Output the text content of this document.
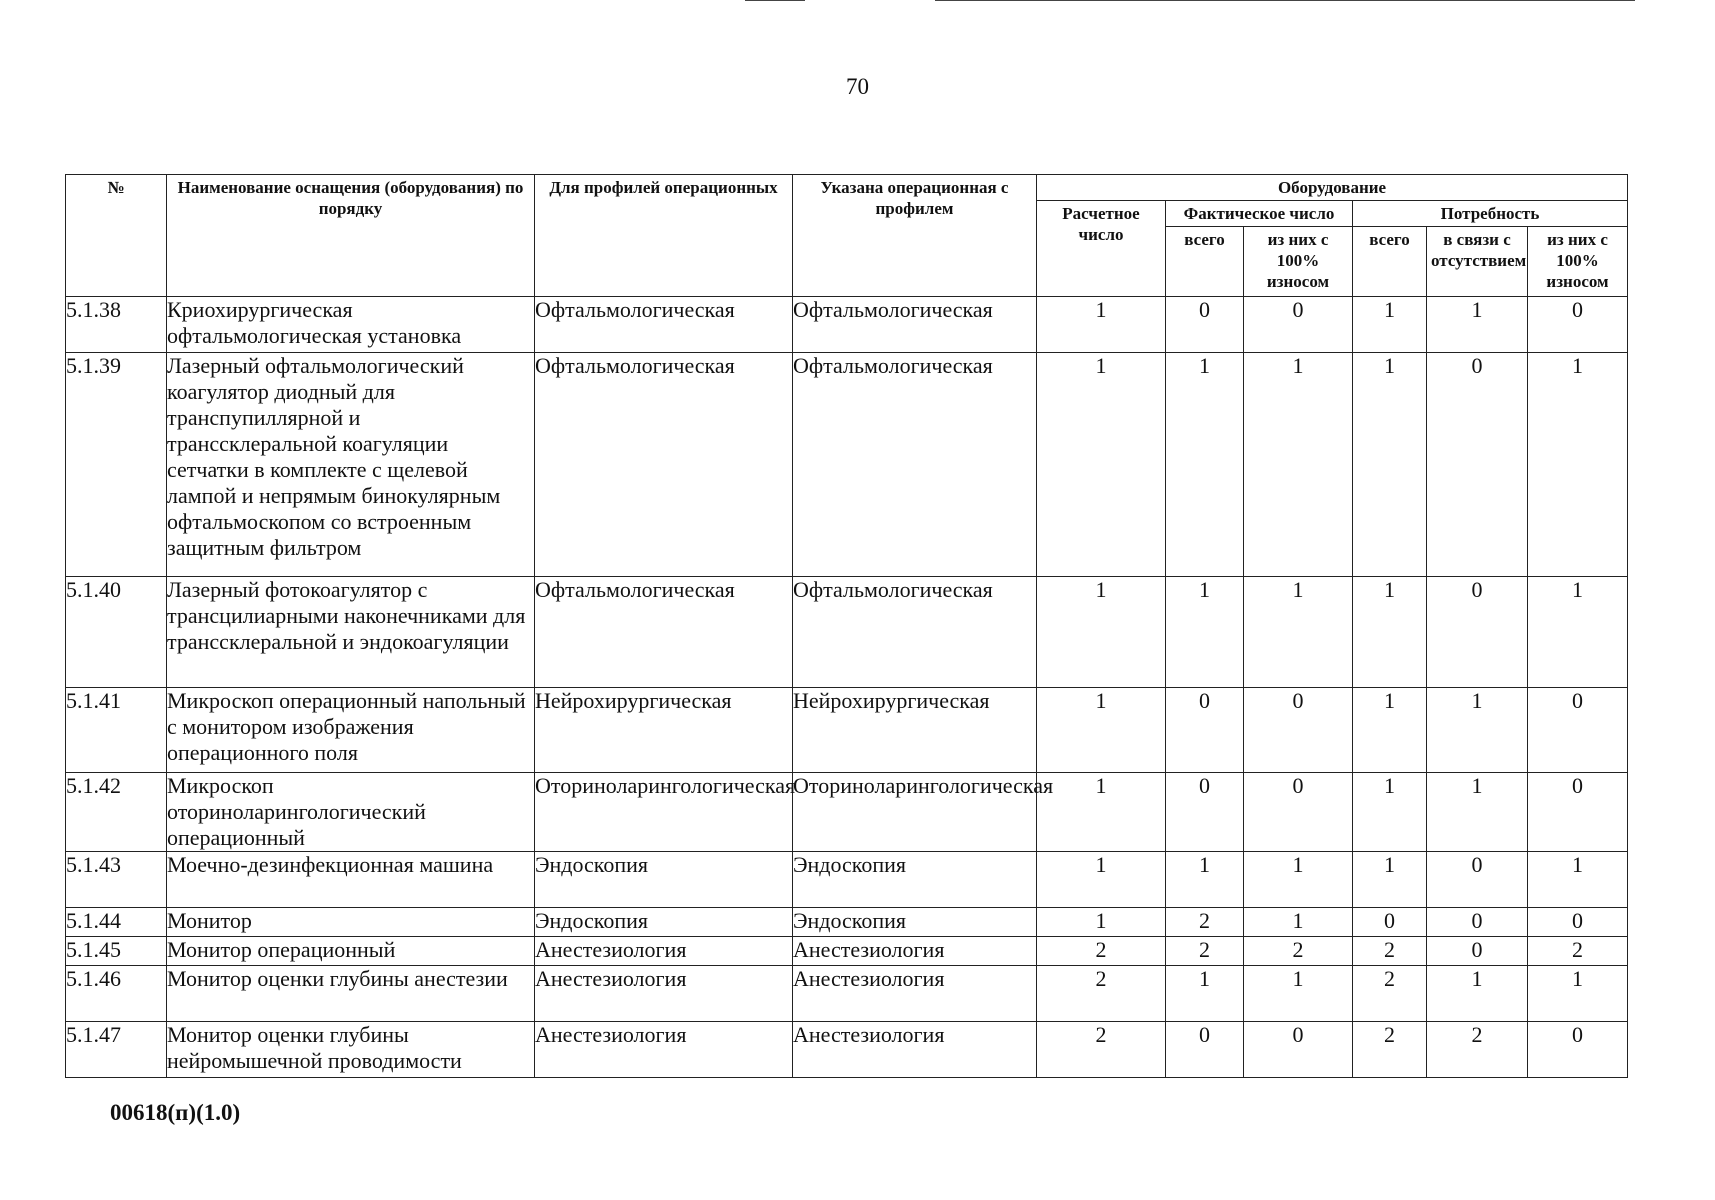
70
№	Наименование оснащения (оборудования) по порядку	Для профилей операционных	Указана операционная с профилем	Оборудование					
				Расчетное число	Фактическое число		Потребность		
					всего	из них с 100% износом	всего	в связи с отсутствием	из них с 100% износом
5.1.38	Криохирургическая офтальмологическая установка	Офтальмологическая	Офтальмологическая	1	0	0	1	1	0
5.1.39	Лазерный офтальмологический коагулятор диодный для транспупиллярной и транссклеральной коагуляции сетчатки в комплекте с щелевой лампой и непрямым бинокулярным офтальмоскопом со встроенным защитным фильтром	Офтальмологическая	Офтальмологическая	1	1	1	1	0	1
5.1.40	Лазерный фотокоагулятор с трансцилиарными наконечниками для транссклеральной и эндокоагуляции	Офтальмологическая	Офтальмологическая	1	1	1	1	0	1
5.1.41	Микроскоп операционный напольный с монитором изображения операционного поля	Нейрохирургическая	Нейрохирургическая	1	0	0	1	1	0
5.1.42	Микроскоп оториноларингологический операционный	Оториноларингологическая	Оториноларингологическая	1	0	0	1	1	0
5.1.43	Моечно-дезинфекционная машина	Эндоскопия	Эндоскопия	1	1	1	1	0	1
5.1.44	Монитор	Эндоскопия	Эндоскопия	1	2	1	0	0	0
5.1.45	Монитор операционный	Анестезиология	Анестезиология	2	2	2	2	0	2
5.1.46	Монитор оценки глубины анестезии	Анестезиология	Анестезиология	2	1	1	2	1	1
5.1.47	Монитор оценки глубины нейромышечной проводимости	Анестезиология	Анестезиология	2	0	0	2	2	0
00618(п)(1.0)
